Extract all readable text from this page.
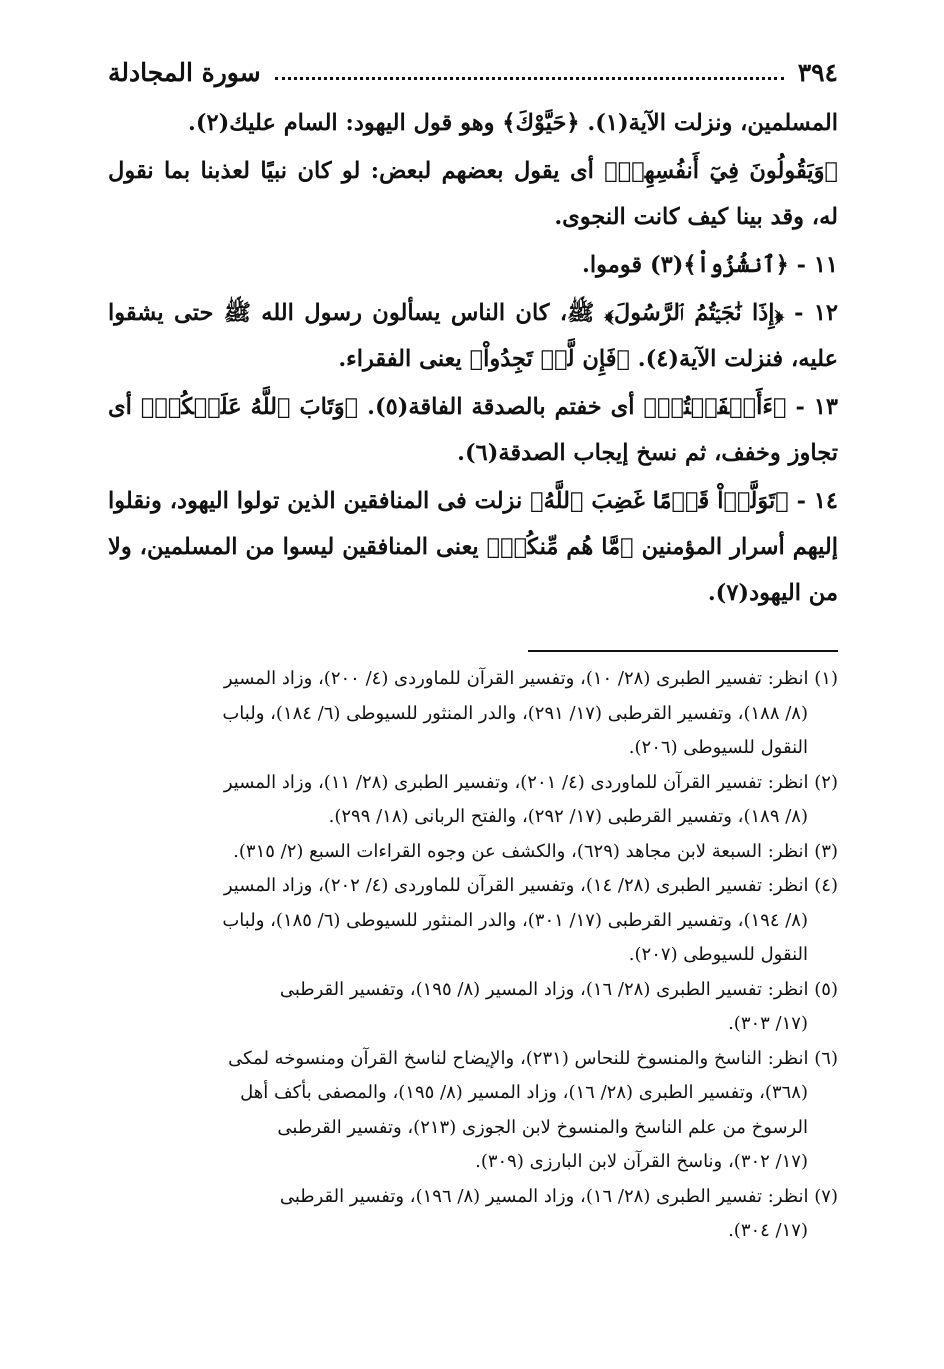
٣٩٤
سورة المجادلة

المسلمين، ونزلت الآية(١). ﴿حَيَّوْكَ﴾ وهو قول اليهود: السام عليك(٢).

﴿وَيَقُولُونَ فِيٓ أَنفُسِهِمۡ﴾ أى يقول بعضهم لبعض: لو كان نبيًا لعذبنا بما نقول له، وقد بينا كيف كانت النجوى.

١١ - ﴿ٱنشُزُواْ﴾(٣) قوموا.

١٢ - ﴿إِذَا نَٰجَيۡتُمُ ٱلرَّسُولَ﴾ ﷺ، كان الناس يسألون رسول الله ﷺ حتى يشقوا عليه، فنزلت الآية(٤). ﴿فَإِن لَّمۡ تَجِدُواْ﴾ يعنى الفقراء.

١٣ - ﴿ءَأَشۡفَقۡتُمۡ﴾ أى خفتم بالصدقة الفاقة(٥). ﴿وَتَابَ ٱللَّهُ عَلَيۡكُمۡ﴾ أى تجاوز وخفف، ثم نسخ إيجاب الصدقة(٦).

١٤ - ﴿تَوَلَّوۡاْ قَوۡمًا غَضِبَ ٱللَّهُ﴾ نزلت فى المنافقين الذين تولوا اليهود، ونقلوا إليهم أسرار المؤمنين ﴿مَّا هُم مِّنكُمۡ﴾ يعنى المنافقين ليسوا من المسلمين، ولا من اليهود(٧).

(١) انظر: تفسير الطبرى (٢٨/ ١٠)، وتفسير القرآن للماوردى (٤/ ٢٠٠)، وزاد المسير
(٨/ ١٨٨)، وتفسير القرطبى (١٧/ ٢٩١)، والدر المنثور للسيوطى (٦/ ١٨٤)، ولباب
النقول للسيوطى (٢٠٦).
(٢) انظر: تفسير القرآن للماوردى (٤/ ٢٠١)، وتفسير الطبرى (٢٨/ ١١)، وزاد المسير
(٨/ ١٨٩)، وتفسير القرطبى (١٧/ ٢٩٢)، والفتح الربانى (١٨/ ٢٩٩).
(٣) انظر: السبعة لابن مجاهد (٦٢٩)، والكشف عن وجوه القراءات السبع (٢/ ٣١٥).
(٤) انظر: تفسير الطبرى (٢٨/ ١٤)، وتفسير القرآن للماوردى (٤/ ٢٠٢)، وزاد المسير
(٨/ ١٩٤)، وتفسير القرطبى (١٧/ ٣٠١)، والدر المنثور للسيوطى (٦/ ١٨٥)، ولباب
النقول للسيوطى (٢٠٧).
(٥) انظر: تفسير الطبرى (٢٨/ ١٦)، وزاد المسير (٨/ ١٩٥)، وتفسير القرطبى
(١٧/ ٣٠٣).
(٦) انظر: الناسخ والمنسوخ للنحاس (٢٣١)، والإيضاح لناسخ القرآن ومنسوخه لمكى
(٣٦٨)، وتفسير الطبرى (٢٨/ ١٦)، وزاد المسير (٨/ ١٩٥)، والمصفى بأكف أهل
الرسوخ من علم الناسخ والمنسوخ لابن الجوزى (٢١٣)، وتفسير القرطبى
(١٧/ ٣٠٢)، وناسخ القرآن لابن البارزى (٣٠٩).
(٧) انظر: تفسير الطبرى (٢٨/ ١٦)، وزاد المسير (٨/ ١٩٦)، وتفسير القرطبى
(١٧/ ٣٠٤).
